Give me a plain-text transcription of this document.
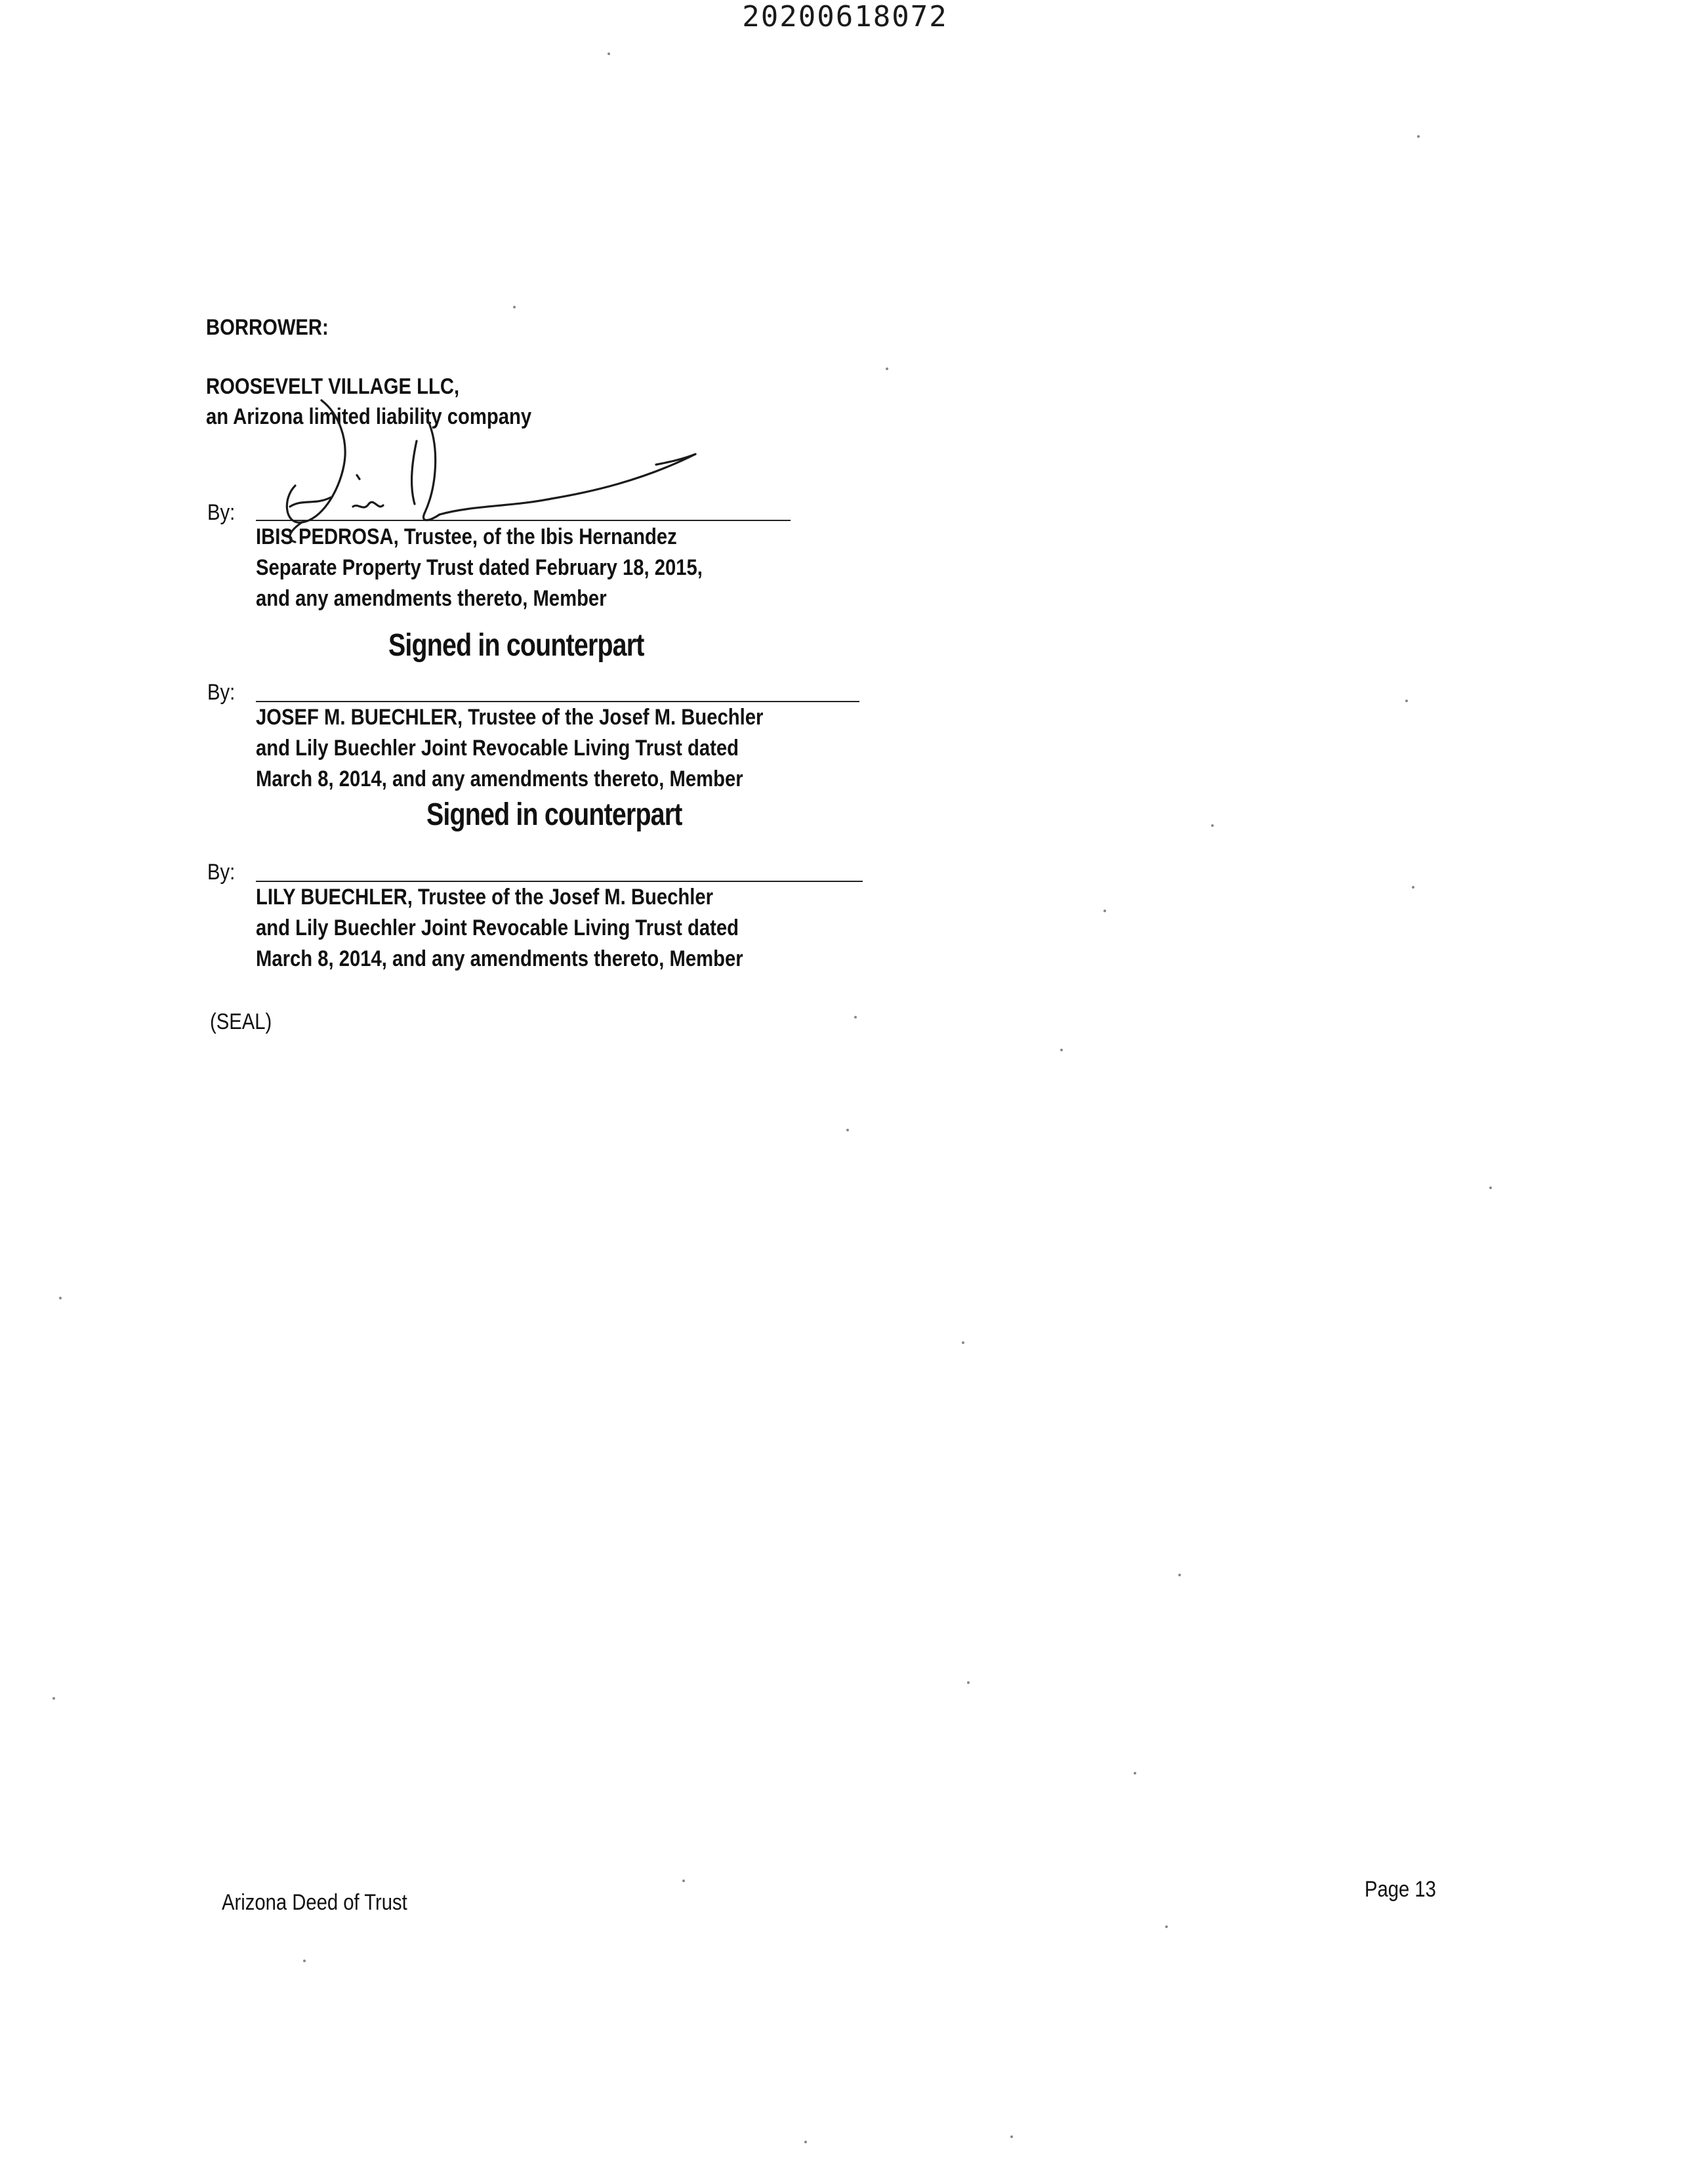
20200618072
BORROWER:
ROOSEVELT VILLAGE LLC,
an Arizona limited liability company
By:
IBIS PEDROSA, Trustee, of the Ibis Hernandez
Separate Property Trust dated February 18, 2015,
and any amendments thereto, Member
Signed in counterpart
By:
JOSEF M. BUECHLER, Trustee of the Josef M. Buechler
and Lily Buechler Joint Revocable Living Trust dated
March 8, 2014, and any amendments thereto, Member
Signed in counterpart
By:
LILY BUECHLER, Trustee of the Josef M. Buechler
and Lily Buechler Joint Revocable Living Trust dated
March 8, 2014, and any amendments thereto, Member
(SEAL)
Arizona Deed of Trust
Page 13
